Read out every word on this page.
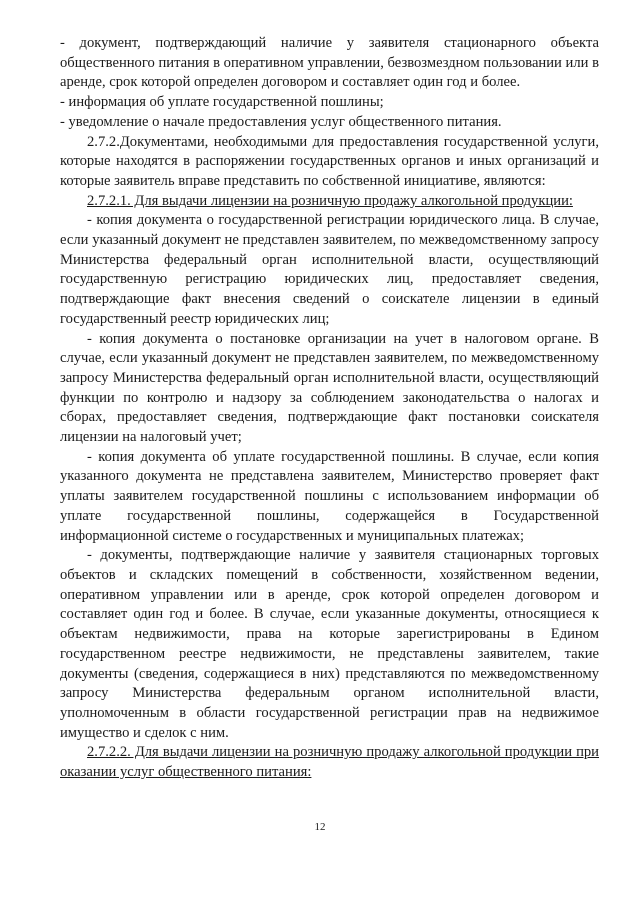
- документ, подтверждающий наличие у заявителя стационарного объекта общественного питания в оперативном управлении, безвозмездном пользовании или в аренде, срок которой определен договором и составляет один год и более.

- информация об уплате государственной пошлины;

- уведомление о начале предоставления услуг общественного питания.

2.7.2.Документами, необходимыми для предоставления государственной услуги, которые находятся в распоряжении государственных органов и иных организаций и которые заявитель вправе представить по собственной инициативе, являются:

2.7.2.1. Для выдачи лицензии на розничную продажу алкогольной продукции:

- копия документа о государственной регистрации юридического лица. В случае, если указанный документ не представлен заявителем, по межведомственному запросу Министерства федеральный орган исполнительной власти, осуществляющий государственную регистрацию юридических лиц, предоставляет сведения, подтверждающие факт внесения сведений о соискателе лицензии в единый государственный реестр юридических лиц;

- копия документа о постановке организации на учет в налоговом органе. В случае, если указанный документ не представлен заявителем, по межведомственному запросу Министерства федеральный орган исполнительной власти, осуществляющий функции по контролю и надзору за соблюдением законодательства о налогах и сборах, предоставляет сведения, подтверждающие факт постановки соискателя лицензии на налоговый учет;

- копия документа об уплате государственной пошлины. В случае, если копия указанного документа не представлена заявителем, Министерство проверяет факт уплаты заявителем государственной пошлины с использованием информации об уплате государственной пошлины, содержащейся в Государственной информационной системе о государственных и муниципальных платежах;

- документы, подтверждающие наличие у заявителя стационарных торговых объектов и складских помещений в собственности, хозяйственном ведении, оперативном управлении или в аренде, срок которой определен договором и составляет один год и более. В случае, если указанные документы, относящиеся к объектам недвижимости, права на которые зарегистрированы в Едином государственном реестре недвижимости, не представлены заявителем, такие документы (сведения, содержащиеся в них) представляются по межведомственному запросу Министерства федеральным органом исполнительной власти, уполномоченным в области государственной регистрации прав на недвижимое имущество и сделок с ним.

2.7.2.2. Для выдачи лицензии на розничную продажу алкогольной продукции при оказании услуг общественного питания:

12
